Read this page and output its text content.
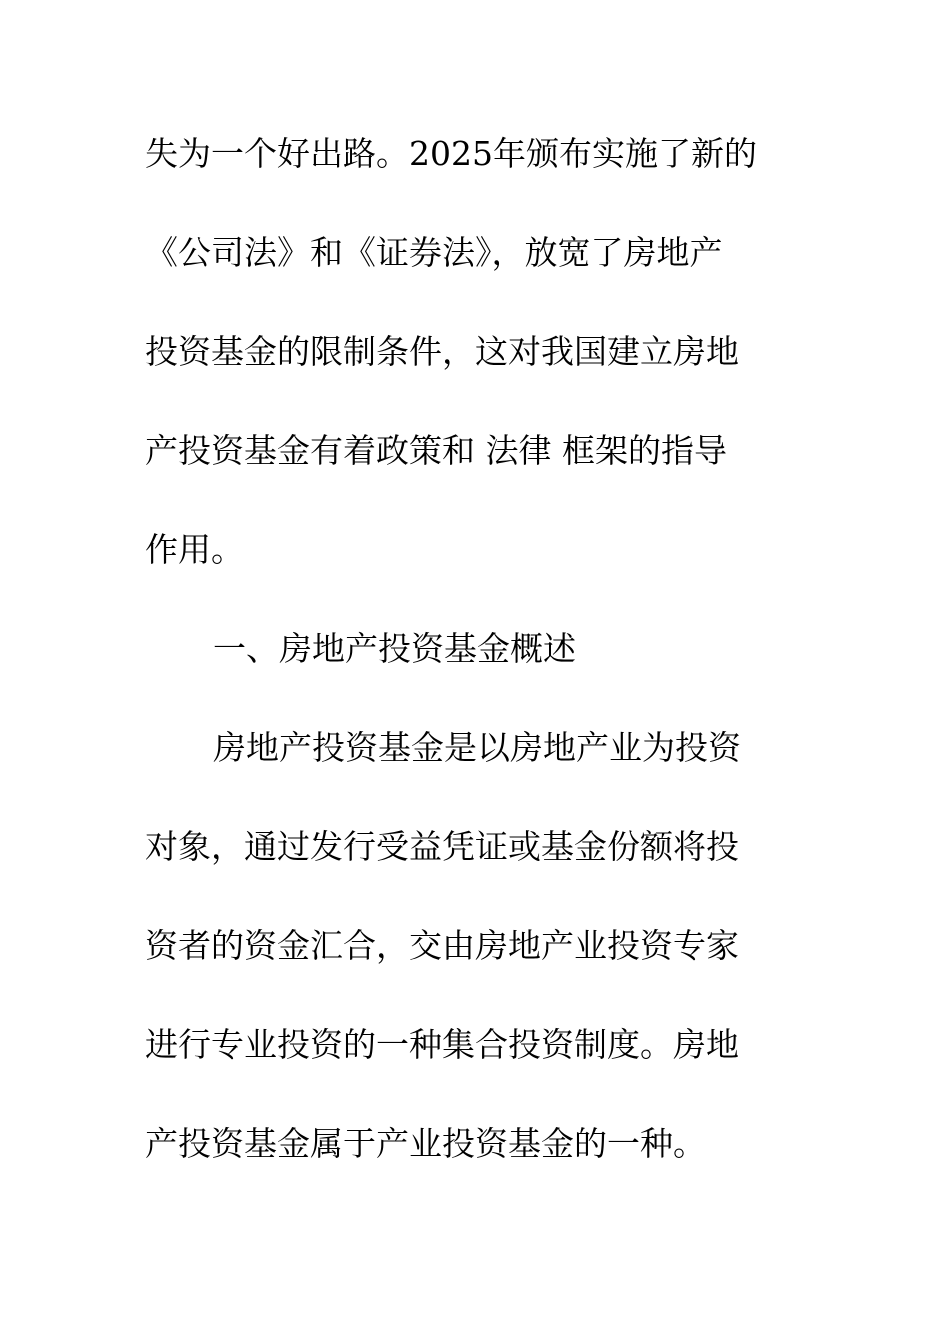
失为一个好出路。2025年颁布实施了新的
《公司法》和《证券法》，放宽了房地产
投资基金的限制条件，这对我国建立房地
产投资基金有着政策和 法律 框架的指导
作用。
一、房地产投资基金概述
房地产投资基金是以房地产业为投资
对象，通过发行受益凭证或基金份额将投
资者的资金汇合，交由房地产业投资专家
进行专业投资的一种集合投资制度。房地
产投资基金属于产业投资基金的一种。
